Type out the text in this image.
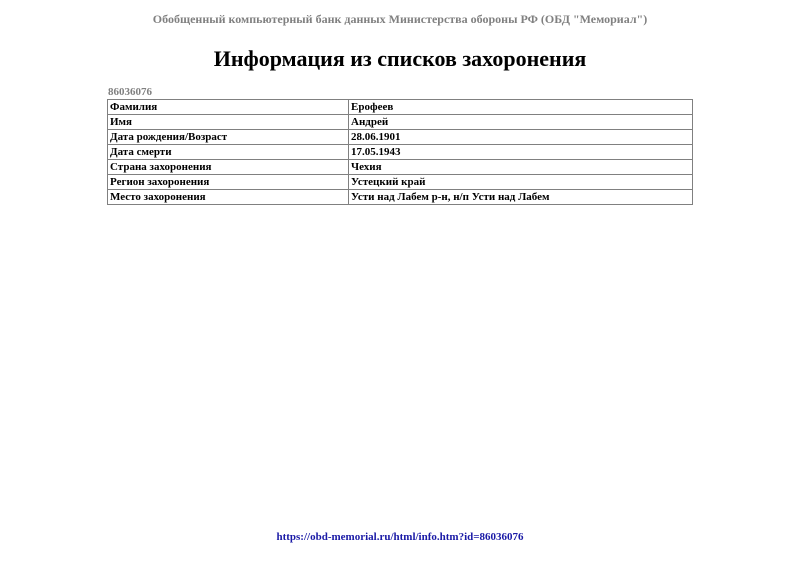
Обобщенный компьютерный банк данных Министерства обороны РФ (ОБД "Мемориал")
Информация из списков захоронения
86036076
Фамилия	Ерофеев
Имя	Андрей
Дата рождения/Возраст	28.06.1901
Дата смерти	17.05.1943
Страна захоронения	Чехия
Регион захоронения	Устецкий край
Место захоронения	Усти над Лабем р-н, н/п Усти над Лабем
https://obd-memorial.ru/html/info.htm?id=86036076
